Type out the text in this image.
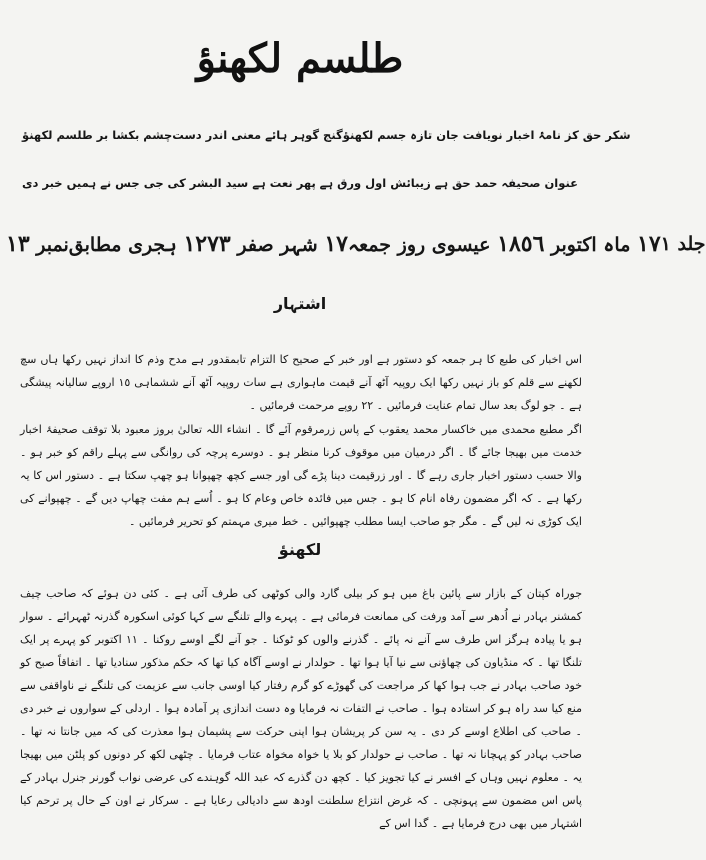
طلسم لکھنؤ
چشم بکشا بر طلسم لکھنؤ گنج گوہر ہائے معنی اندر دست یافت جان تازہ جسم لکھنؤ شکر حق کز نامۂ اخبار نو
جی جس نے ہمیں خبر دی پھر نعت ہے سید البشر کی زیبائش اول ورق ہے عنوان صحیفہ حمد حق ہے
نمبر ١٣	١٧ شہر صفر ١٢٧٣ ہجری مطابق	١٧ ماہ اکتوبر ١٨٥٦ عیسوی روز جمعہ	جلد ١
اشتہار

اس اخبار کی طبع کا ہر جمعہ کو دستور ہے اور خبر کے صحیح کا التزام تابمقدور ہے مدح وذم کا انداز نہیں رکھا ہاں سچ لکھنے سے قلم کو باز نہیں رکھا ایک روپیہ آٹھ آنے قیمت ماہواری ہے سات روپیہ آٹھ آنے ششماہی ١٥ اروپے سالیانہ پیشگی ہے ۔ جو لوگ بعد سال تمام عنایت فرمائیں ۔ ٢٢ روپے مرحمت فرمائیں ۔

اگر مطبع محمدی میں خاکسار محمد یعقوب کے پاس زرمرقوم آئے گا ۔ انشاء اللہ تعالیٰ بروز معبود بلا توقف صحیفۂ اخبار خدمت میں بھیجا جائے گا ۔ اگر درمیان میں موقوف کرنا منظر ہو ۔ دوسرے پرچہ کی روانگی سے پہلے راقم کو خبر ہو ۔ والا حسب دستور اخبار جاری رہے گا ۔ اور زرقیمت دینا پڑے گی اور جسے کچھ چھپوانا ہو چھپ سکتا ہے ۔ دستور اس کا یہ رکھا ہے ۔ کہ اگر مضمون رفاہ انام کا ہو ۔ جس میں فائدہ خاص وعام کا ہو ۔ اُسے ہم مفت چھاپ دیں گے ۔ چھپوانے کی ایک کوڑی نہ لیں گے ۔ مگر جو صاحب ایسا مطلب چھپوائیں ۔ خط میری مہمتم کو تحریر فرمائیں ۔

لکھنؤ

جوراہ کپتان کے بازار سے پائین باغ میں ہو کر بیلی گارد والی کوٹھی کی طرف آئی ہے ۔ کئی دن ہوئے کہ صاحب چیف کمشنر بہادر نے اُدھر سے آمد ورفت کی ممانعت فرمائی ہے ۔ پہرے والے تلنگے سے کہا کوئی اسکورہ گذرنہ ٹھہرائے ۔ سوار ہو یا پیادہ ہرگز اس طرف سے آنے نہ پائے ۔ گذرنے والوں کو ٹوکنا ۔ جو آنے لگے اوسے روکنا ۔ ١١ اکتوبر کو پہرے پر ایک تلنگا تھا ۔ کہ منڈیاون کی چھاؤنی سے نیا آیا ہوا تھا ۔ حولدار نے اوسے آگاہ کیا تھا کہ حکم مذکور سنادیا تھا ۔ اتفاقاً صبح کو خود صاحب بہادر نے جب ہوا کھا کر مراجعت کی گھوڑے کو گرم رفتار کیا اوسی جانب سے عزیمت کی تلنگے نے ناواقفی سے منع کیا سد راہ ہو کر استادہ ہوا ۔ صاحب نے التفات نہ فرمایا وہ دست اندازی پر آمادہ ہوا ۔ اردلی کے سواروں نے خبر دی ۔ صاحب کی اطلاع اوسے کر دی ۔ یہ سن کر پریشان ہوا اپنی حرکت سے پشیمان ہوا معذرت کی کہ میں جانتا نہ تھا ۔ صاحب بہادر کو پہچانا نہ تھا ۔ صاحب نے حولدار کو بلا یا خواہ مخواہ عتاب فرمایا ۔ چٹھی لکھ کر دونوں کو پلٹن میں بھیجا یہ ۔ معلوم نہیں وہاں کے افسر نے کیا تجویز کیا ۔ کچھ دن گذرے کہ عبد اللہ گوہندے کی عرضی نواب گورنر جنرل بہادر کے پاس اس مضمون سے پہونچی ۔ کہ غرض انتزاع سلطنت اودھ سے دادیالی رعایا ہے ۔ سرکار نے اون کے حال پر ترحم کیا اشتہار میں بھی درج فرمایا ہے ۔ گدا اس کے
